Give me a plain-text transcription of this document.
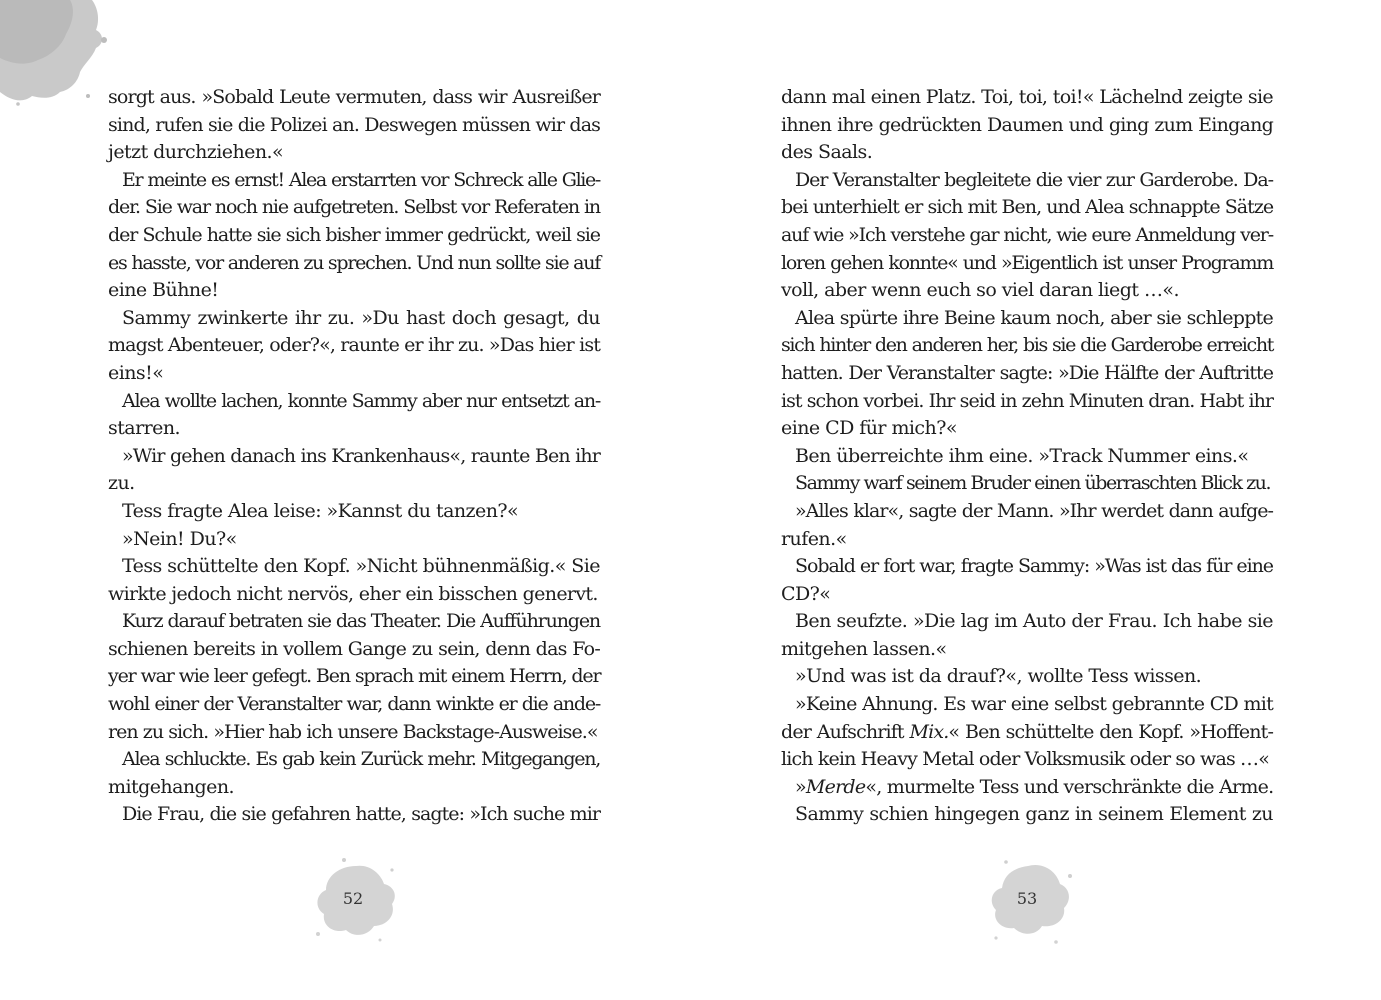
sorgt aus. »Sobald Leute vermuten, dass wir Ausreißer
sind, rufen sie die Polizei an. Deswegen müssen wir das
jetzt durchziehen.«
Er meinte es ernst! Alea erstarrten vor Schreck alle Glie-
der. Sie war noch nie aufgetreten. Selbst vor Referaten in
der Schule hatte sie sich bisher immer gedrückt, weil sie
es hasste, vor anderen zu sprechen. Und nun sollte sie auf
eine Bühne!
Sammy zwinkerte ihr zu. »Du hast doch gesagt, du
magst Abenteuer, oder?«, raunte er ihr zu. »Das hier ist
eins!«
Alea wollte lachen, konnte Sammy aber nur entsetzt an-
starren.
»Wir gehen danach ins Krankenhaus«, raunte Ben ihr
zu.
Tess fragte Alea leise: »Kannst du tanzen?«
»Nein! Du?«
Tess schüttelte den Kopf. »Nicht bühnenmäßig.« Sie
wirkte jedoch nicht nervös, eher ein bisschen genervt.
Kurz darauf betraten sie das Theater. Die Aufführungen
schienen bereits in vollem Gange zu sein, denn das Fo-
yer war wie leer gefegt. Ben sprach mit einem Herrn, der
wohl einer der Veranstalter war, dann winkte er die ande-
ren zu sich. »Hier hab ich unsere Backstage-Ausweise.«
Alea schluckte. Es gab kein Zurück mehr. Mitgegangen,
mitgehangen.
Die Frau, die sie gefahren hatte, sagte: »Ich suche mir
52
dann mal einen Platz. Toi, toi, toi!« Lächelnd zeigte sie
ihnen ihre gedrückten Daumen und ging zum Eingang
des Saals.
Der Veranstalter begleitete die vier zur Garderobe. Da-
bei unterhielt er sich mit Ben, und Alea schnappte Sätze
auf wie »Ich verstehe gar nicht, wie eure Anmeldung ver-
loren gehen konnte« und »Eigentlich ist unser Programm
voll, aber wenn euch so viel daran liegt …«.
Alea spürte ihre Beine kaum noch, aber sie schleppte
sich hinter den anderen her, bis sie die Garderobe erreicht
hatten. Der Veranstalter sagte: »Die Hälfte der Auftritte
ist schon vorbei. Ihr seid in zehn Minuten dran. Habt ihr
eine CD für mich?«
Ben überreichte ihm eine. »Track Nummer eins.«
Sammy warf seinem Bruder einen überraschten Blick zu.
»Alles klar«, sagte der Mann. »Ihr werdet dann aufge-
rufen.«
Sobald er fort war, fragte Sammy: »Was ist das für eine
CD?«
Ben seufzte. »Die lag im Auto der Frau. Ich habe sie
mitgehen lassen.«
»Und was ist da drauf?«, wollte Tess wissen.
»Keine Ahnung. Es war eine selbst gebrannte CD mit
der Aufschrift Mix.« Ben schüttelte den Kopf. »Hoffent-
lich kein Heavy Metal oder Volksmusik oder so was …«
»Merde«, murmelte Tess und verschränkte die Arme.
Sammy schien hingegen ganz in seinem Element zu
53
